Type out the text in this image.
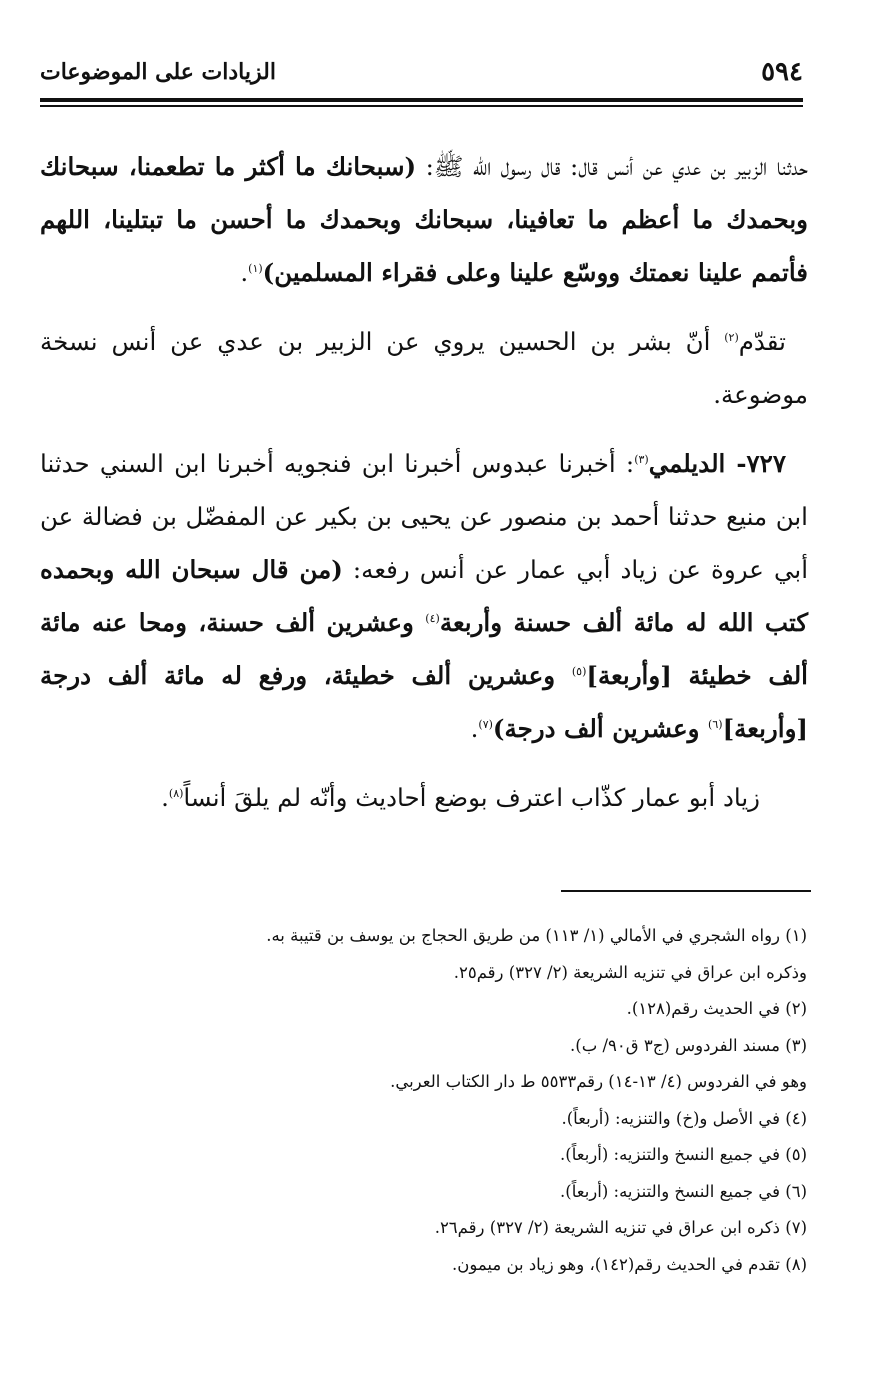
٥٩٤
الزيادات على الموضوعات

حدثنا الزبير بن عدي عن أنس قال: قال رسول الله ﷺ: (سبحانك ما أكثر ما تطعمنا، سبحانك وبحمدك ما أعظم ما تعافينا، سبحانك وبحمدك ما أحسن ما تبتلينا، اللهم فأتمم علينا نعمتك ووسّع علينا وعلى فقراء المسلمين)$^{(١)}$.

تقدّم$^{(٢)}$ أنّ بشر بن الحسين يروي عن الزبير بن عدي عن أنس نسخة موضوعة.

٧٢٧- الديلمي$^{(٣)}$: أخبرنا عبدوس أخبرنا ابن فنجويه أخبرنا ابن السني حدثنا ابن منيع حدثنا أحمد بن منصور عن يحيى بن بكير عن المفضّل بن فضالة عن أبي عروة عن زياد أبي عمار عن أنس رفعه: (من قال سبحان الله وبحمده كتب الله له مائة ألف حسنة وأربعة$^{(٤)}$ وعشرين ألف حسنة، ومحا عنه مائة ألف خطيئة [وأربعة]$^{(٥)}$ وعشرين ألف خطيئة، ورفع له مائة ألف درجة [وأربعة]$^{(٦)}$ وعشرين ألف درجة)$^{(٧)}$.

زياد أبو عمار كذّاب اعترف بوضع أحاديث وأنّه لم يلقَ أنساً$^{(٨)}$.

(١) رواه الشجري في الأمالي (١/ ١١٣) من طريق الحجاج بن يوسف بن قتيبة به.
وذكره ابن عراق في تنزيه الشريعة (٢/ ٣٢٧) رقم٢٥.
(٢) في الحديث رقم(١٢٨).
(٣) مسند الفردوس (ج٣ ق٩٠/ ب).
وهو في الفردوس (٤/ ١٣-١٤) رقم٥٥٣٣ ط دار الكتاب العربي.
(٤) في الأصل و(خ) والتنزيه: (أربعاً).
(٥) في جميع النسخ والتنزيه: (أربعاً).
(٦) في جميع النسخ والتنزيه: (أربعاً).
(٧) ذكره ابن عراق في تنزيه الشريعة (٢/ ٣٢٧) رقم٢٦.
(٨) تقدم في الحديث رقم(١٤٢)، وهو زياد بن ميمون.
